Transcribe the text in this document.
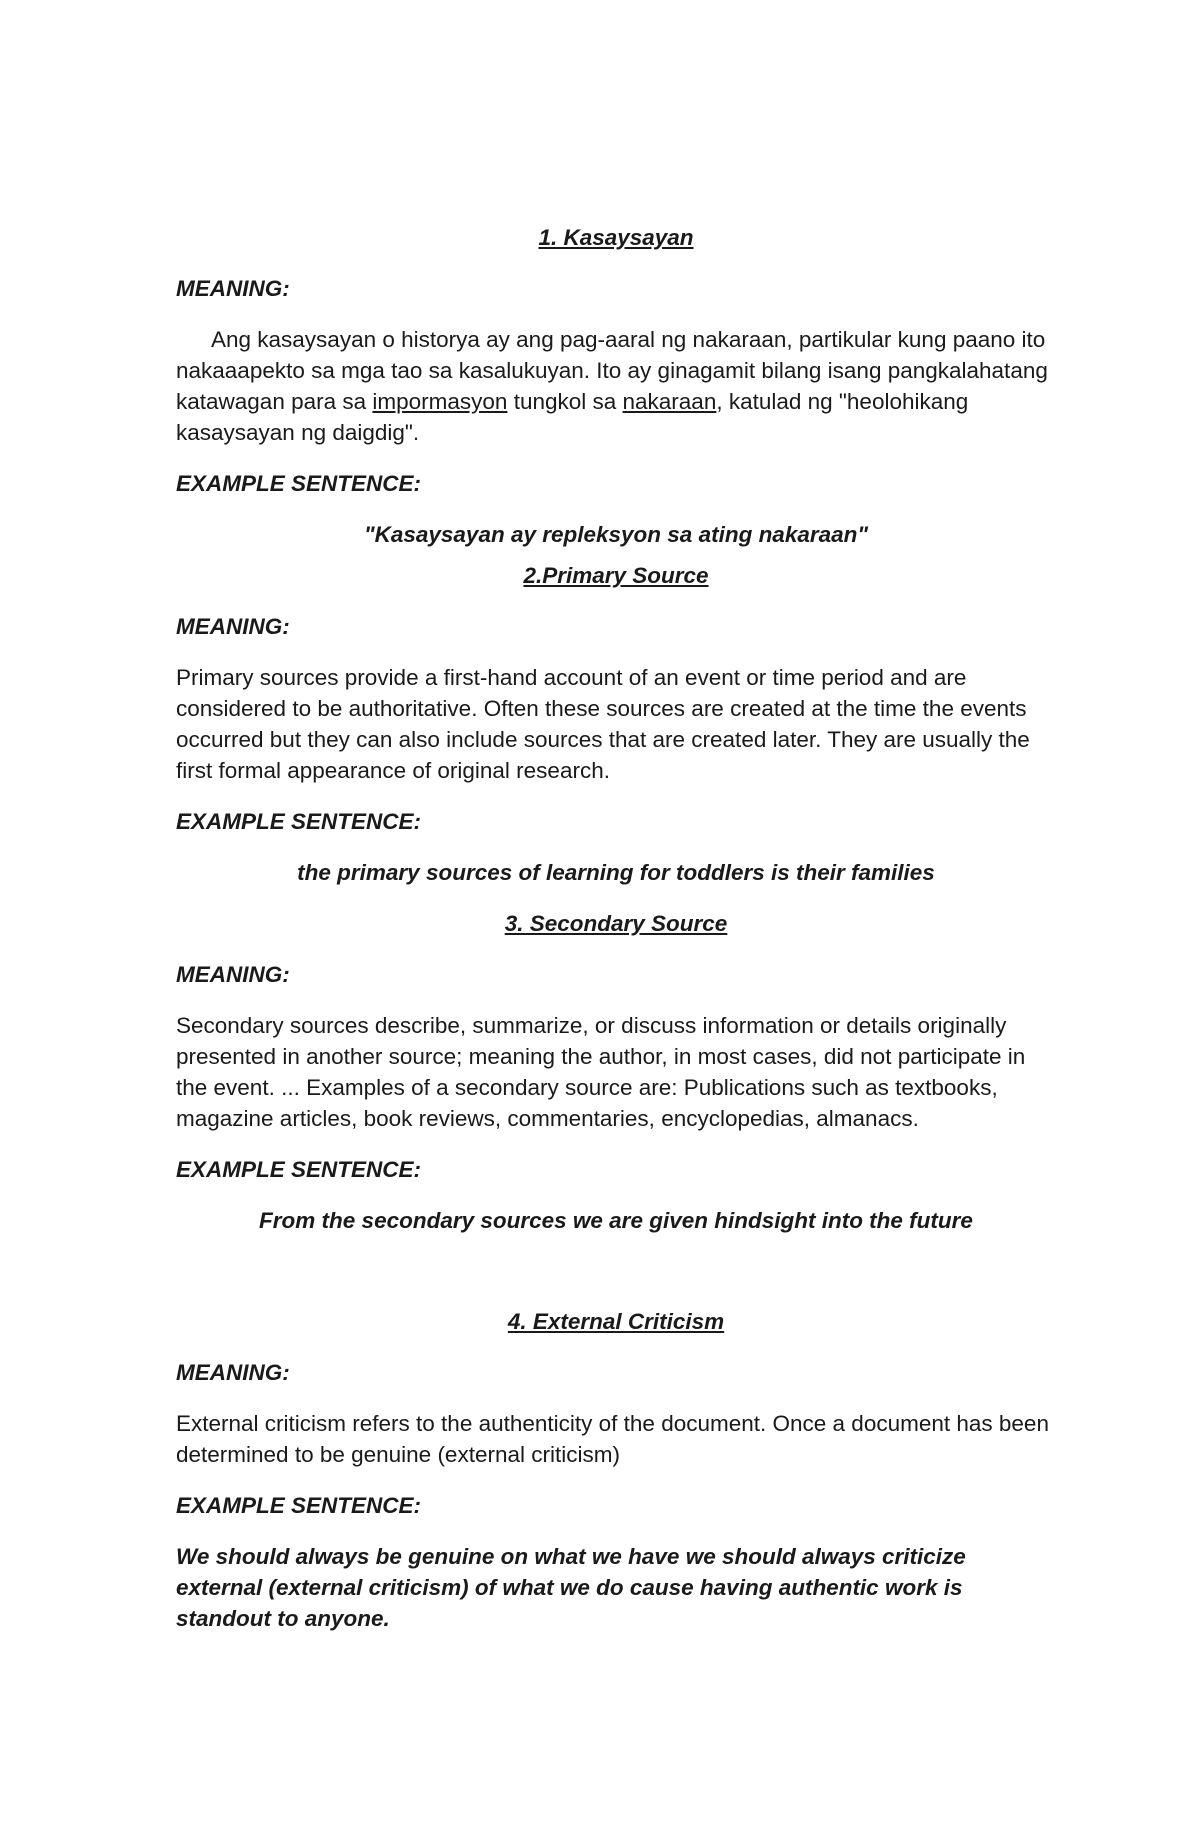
1. Kasaysayan

MEANING:

Ang kasaysayan o historya ay ang pag-aaral ng nakaraan, partikular kung paano ito nakaaapekto sa mga tao sa kasalukuyan. Ito ay ginagamit bilang isang pangkalahatang katawagan para sa impormasyon tungkol sa nakaraan, katulad ng "heolohikang kasaysayan ng daigdig".

EXAMPLE SENTENCE:

"Kasaysayan ay repleksyon sa ating nakaraan"

2.Primary Source

MEANING:

Primary sources provide a first-hand account of an event or time period and are considered to be authoritative. Often these sources are created at the time the events occurred but they can also include sources that are created later. They are usually the first formal appearance of original research.

EXAMPLE SENTENCE:

the primary sources of learning for toddlers is their families

3. Secondary Source

MEANING:

Secondary sources describe, summarize, or discuss information or details originally presented in another source; meaning the author, in most cases, did not participate in the event. ... Examples of a secondary source are: Publications such as textbooks, magazine articles, book reviews, commentaries, encyclopedias, almanacs.

EXAMPLE SENTENCE:

From the secondary sources we are given hindsight into the future

4. External Criticism

MEANING:

External criticism refers to the authenticity of the document. Once a document has been determined to be genuine (external criticism)

EXAMPLE SENTENCE:

We should always be genuine on what we have we should always criticize external (external criticism) of what we do cause having authentic work is standout to anyone.
